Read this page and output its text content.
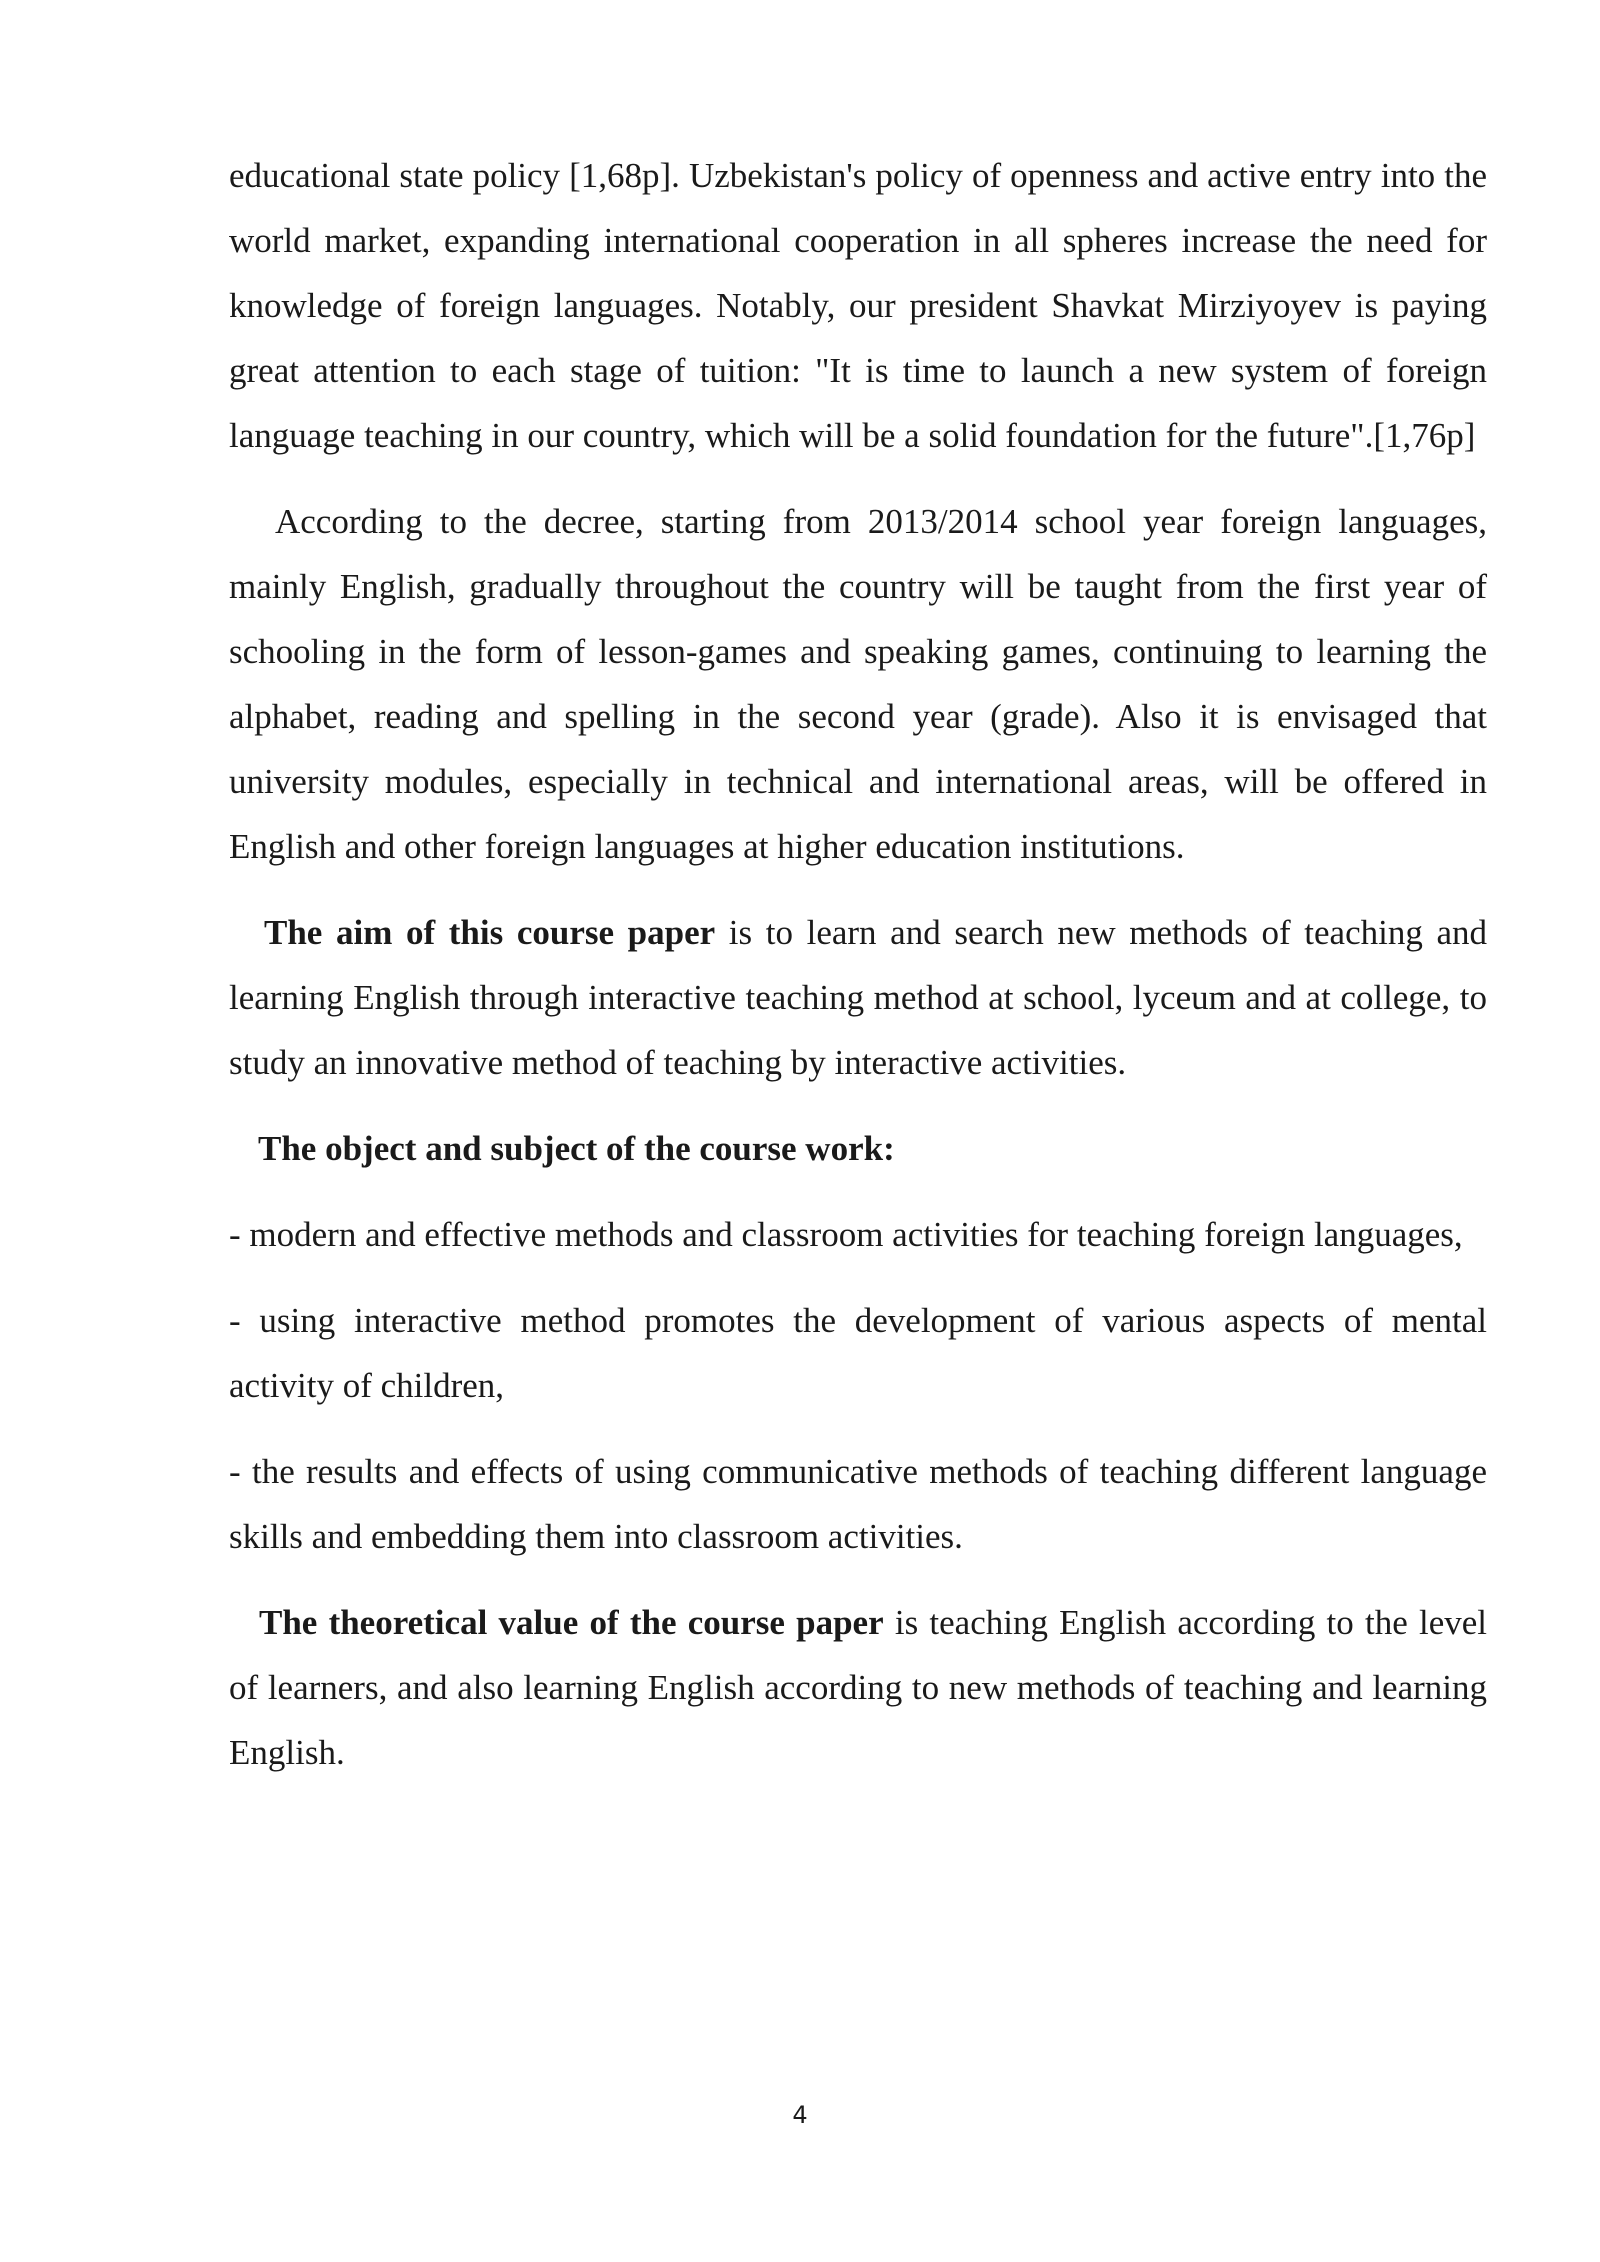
educational state policy [1,68p]. Uzbekistan's policy of openness and active entry into the world market, expanding international cooperation in all spheres increase the need for knowledge of foreign languages. Notably, our president Shavkat Mirziyoyev is paying great attention to each stage of tuition: "It is time to launch a new system of foreign language teaching in our country, which will be a solid foundation for the future".[1,76p]

According to the decree, starting from 2013/2014 school year foreign languages, mainly English, gradually throughout the country will be taught from the first year of schooling in the form of lesson-games and speaking games, continuing to learning the alphabet, reading and spelling in the second year (grade). Also it is envisaged that university modules, especially in technical and international areas, will be offered in English and other foreign languages at higher education institutions.

The aim of this course paper is to learn and search new methods of teaching and learning English through interactive teaching method at school, lyceum and at college, to study an innovative method of teaching by interactive activities.

The object and subject of the course work:

- modern and effective methods and classroom activities for teaching foreign languages,

- using interactive method promotes the development of various aspects of mental activity of children,

- the results and effects of using communicative methods of teaching different language skills and embedding them into classroom activities.

The theoretical value of the course paper is teaching English according to the level of learners, and also learning English according to new methods of teaching and learning English.

4
